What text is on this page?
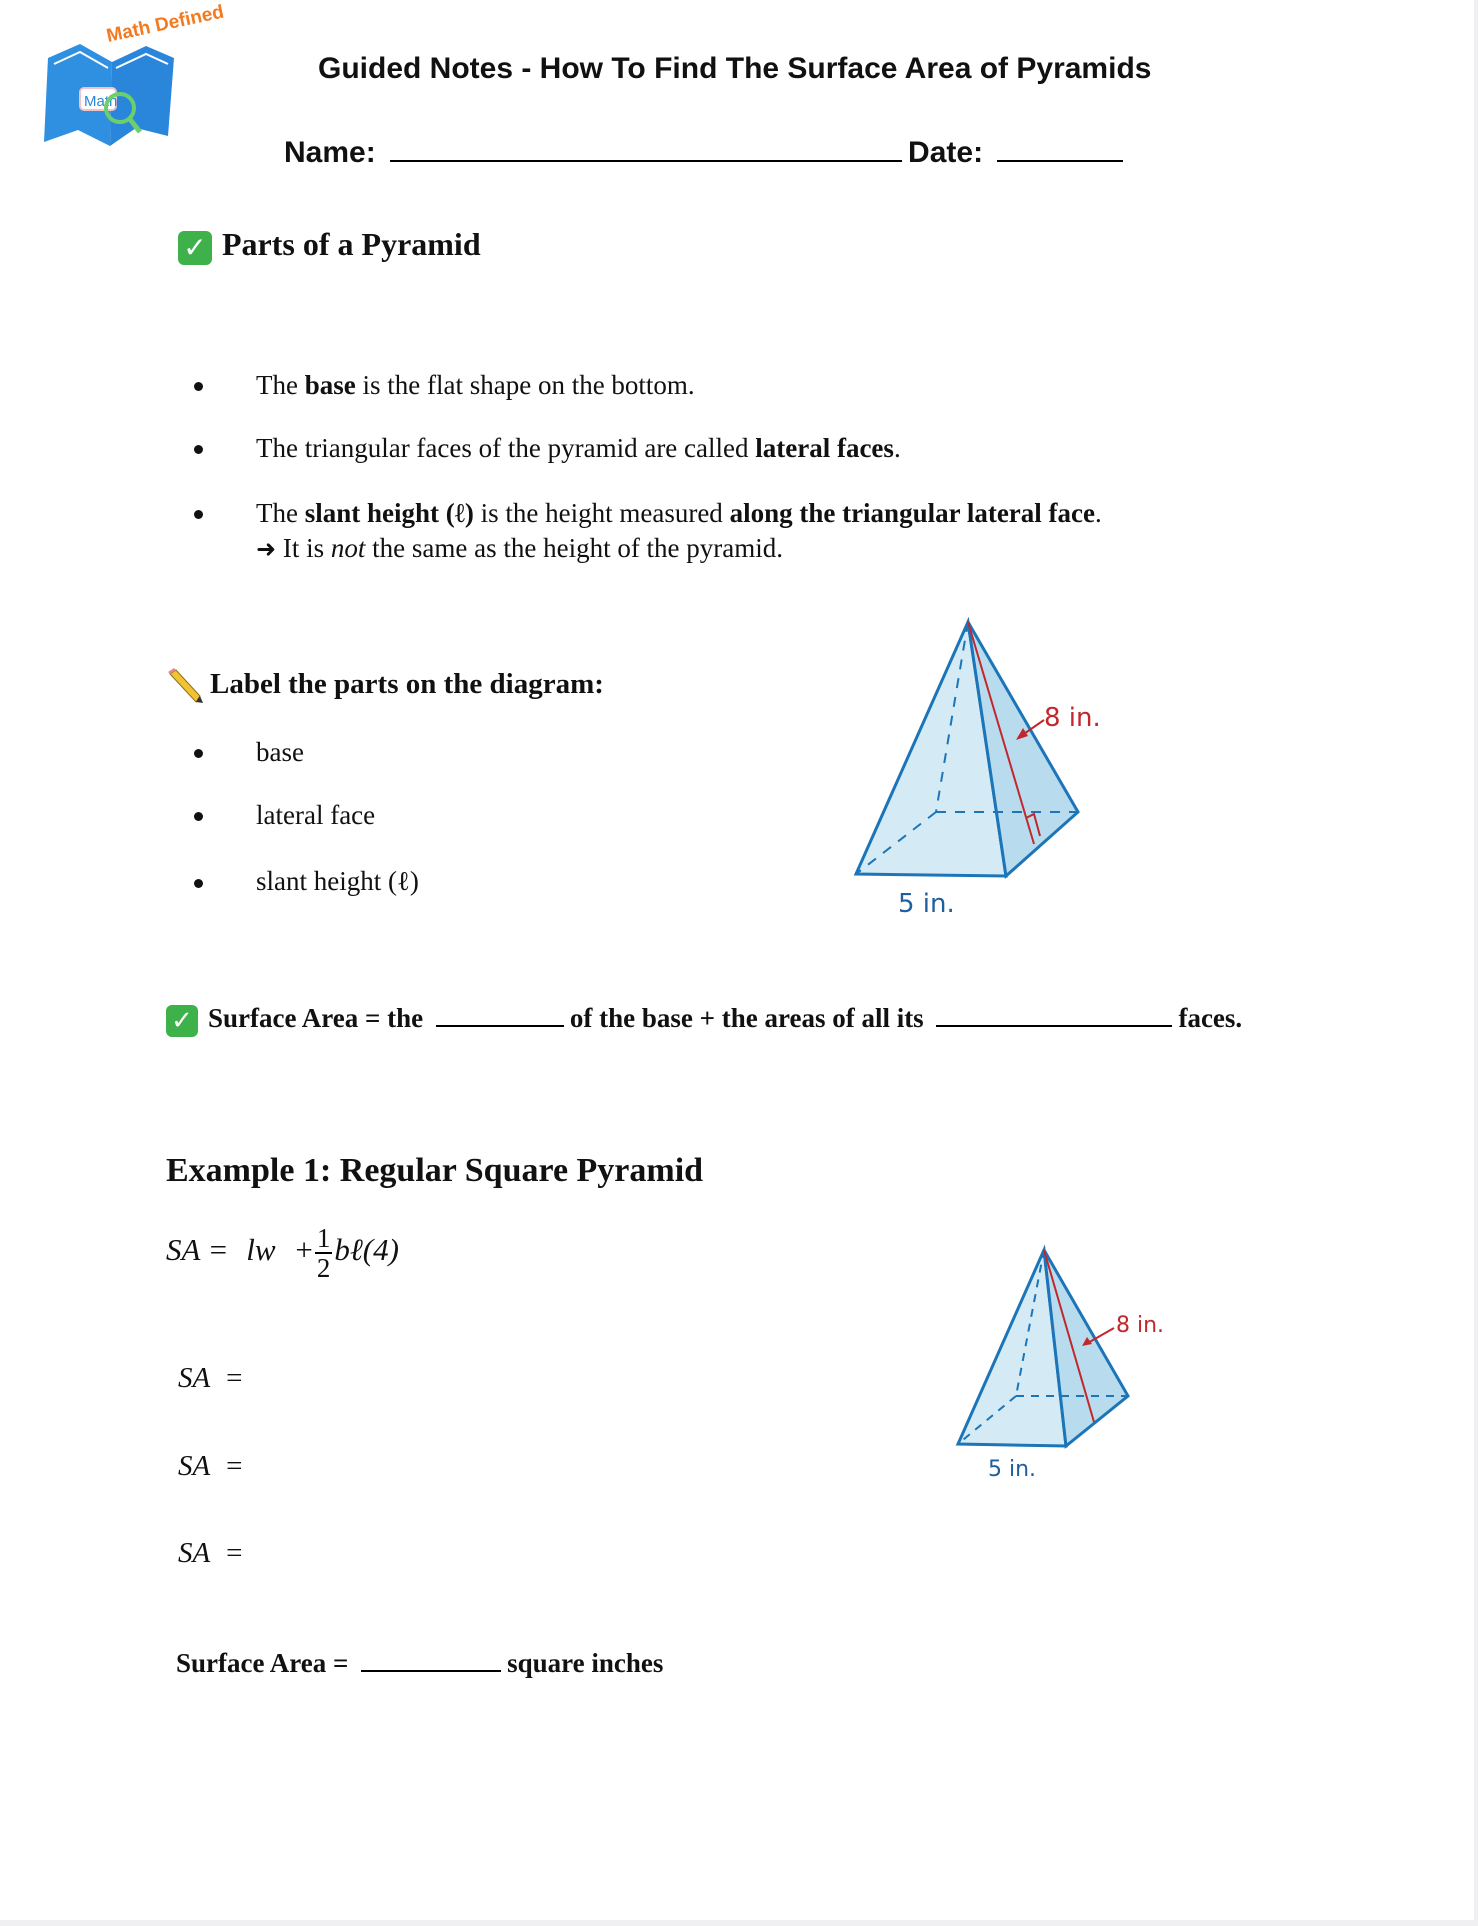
Math
Math Defined
Guided Notes - How To Find The Surface Area of Pyramids
Name:	Date:
✓ Parts of a Pyramid
The base is the flat shape on the bottom.
The triangular faces of the pyramid are called lateral faces.
The slant height (ℓ) is the height measured along the triangular lateral face.
➜ It is not the same as the height of the pyramid.
Label the parts on the diagram:
base
lateral face
slant height (ℓ)
8 in.
5 in.
✓ Surface Area = the	of the base + the areas of all its	faces.
Example 1: Regular Square Pyramid
SA = lw + $\frac{1}{2}$ bℓ(4)
SA  =
SA  =
SA  =
8 in.
5 in.
Surface Area =	square inches
